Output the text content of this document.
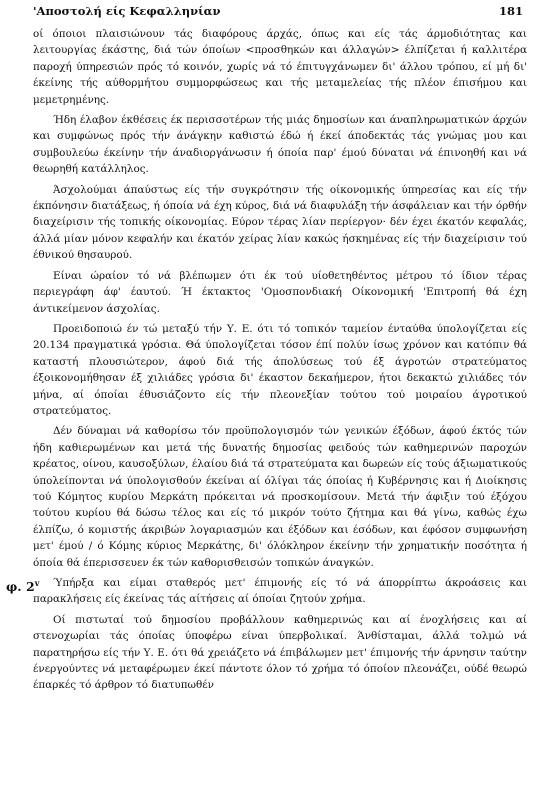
'Αποστολή είς Κεφαλληνίαν	181
φ. 2$^v$

οί όποιοι πλαισιώνουν τάς διαφόρους άρχάς, όπως και είς τάς άρμοδιότητας και λειτουργίας έκάστης, διά τών όποίων <προσθηκών και άλλαγών> έλπίζεται ή καλλιτέρα παροχή ύπηρεσιών πρός τό κοινόν, χωρίς νά τό έπιτυγχάνωμεν δι' άλλου τρόπου, εί μή δι' έκείνης τής αύθορμήτου συμμορφώσεως και τής μεταμελείας τής πλέον έπισήμου και μεμετρημένης.

Ήδη έλαβον έκθέσεις έκ περισσοτέρων τής μιάς δημοσίων και άναπληρωματικών άρχών και συμφώνως πρός τήν άνάγκην καθιστώ έδώ ή έκεί άποδεκτάς τάς γνώμας μου και συμβουλεύω έκείνην τήν άναδιοργάνωσιν ή όποία παρ' έμού δύναται νά έπινοηθή και νά θεωρηθή κατάλληλος.

Άσχολούμαι άπαύστως είς τήν συγκρότησιν τής οίκονομικής ύπηρεσίας και είς τήν έκπόνησιν διατάξεως, ή όποία νά έχη κύρος, διά νά διαφυλάξη τήν άσφάλειαν και τήν όρθήν διαχείρισιν τής τοπικής οίκονομίας. Εύρον τέρας λίαν περίεργον· δέν έχει έκατόν κεφαλάς, άλλά μίαν μόνον κεφαλήν και έκατόν χείρας λίαν κακώς ήσκημένας είς τήν διαχείρισιν τού έθνικού θησαυρού.

Είναι ώραίον τό νά βλέπωμεν ότι έκ τού υίοθετηθέντος μέτρου τό ίδιον τέρας περιεγράφη άφ' έαυτού. Ή έκτακτος 'Ομοσπονδιακή Οίκονομική 'Επιτροπή θά έχη άντικείμενον άσχολίας.

Προειδοποιώ έν τώ μεταξύ τήν Υ. Ε. ότι τό τοπικόν ταμείον ένταύθα ύπολογίζεται είς 20.134 πραγματικά γρόσια. Θά ύπολογίζεται τόσον έπί πολύν ίσως χρόνον και κατόπιν θά καταστή πλουσιώτερον, άφού διά τής άπολύσεως τού έξ άγροτών στρατεύματος έξοικονομήθησαν έξ χιλιάδες γρόσια δι' έκαστον δεκαήμερον, ήτοι δεκακτώ χιλιάδες τόν μήνα, αί όποίαι έθυσιάζοντο είς τήν πλεονεξίαν τούτου τού μοιραίου άγροτικού στρατεύματος.

Δέν δύναμαι νά καθορίσω τόν προϋπολογισμόν τών γενικών έξόδων, άφού έκτός τών ήδη καθιερωμένων και μετά τής δυνατής δημοσίας φειδούς τών καθημερινών παροχών κρέατος, οίνου, καυσοξύλων, έλαίου διά τά στρατεύματα και δωρεών είς τούς άξιωματικούς ύπολείπονται νά ύπολογισθούν έκείναι αί όλίγαι τάς όποίας ή Κυβέρνησις και ή Διοίκησις τού Κόμητος κυρίου Μερκάτη πρόκειται νά προσκομίσουν. Μετά τήν άφιξιν τού έξόχου τούτου κυρίου θά δώσω τέλος και είς τό μικρόν τούτο ζήτημα και θά γίνω, καθώς έχω έλπίζω, ό κομιστής άκριβών λογαριασμών και έξόδων και έσόδων, και έφόσον συμφωνήση μετ' έμού / ό Κόμης κύριος Μερκάτης, δι' όλόκληρον έκείνην τήν χρηματικήν ποσότητα ή όποία θά έπερισσευεν έκ τών καθορισθεισών τοπικών άναγκών.

Ύπήρξα και είμαι σταθερός μετ' έπιμονής είς τό νά άπορρίπτω άκροάσεις και παρακλήσεις είς έκείνας τάς αίτήσεις αί όποίαι ζητούν χρήμα.

Οί πιστωταί τού δημοσίου προβάλλουν καθημερινώς και αί ένοχλήσεις και αί στενοχωρίαι τάς όποίας ύποφέρω είναι ύπερβολικαί. Άνθίσταμαι, άλλά τολμώ νά παρατηρήσω είς τήν Υ. Ε. ότι θά χρειάζετο νά έπιβάλωμεν μετ' έπιμονής τήν άρνησιν ταύτην ένεργούντες νά μεταφέρωμεν έκεί πάντοτε όλον τό χρήμα τό όποίον πλεονάζει, ούδέ θεωρώ έπαρκές τό άρθρον τό διατυπωθέν
